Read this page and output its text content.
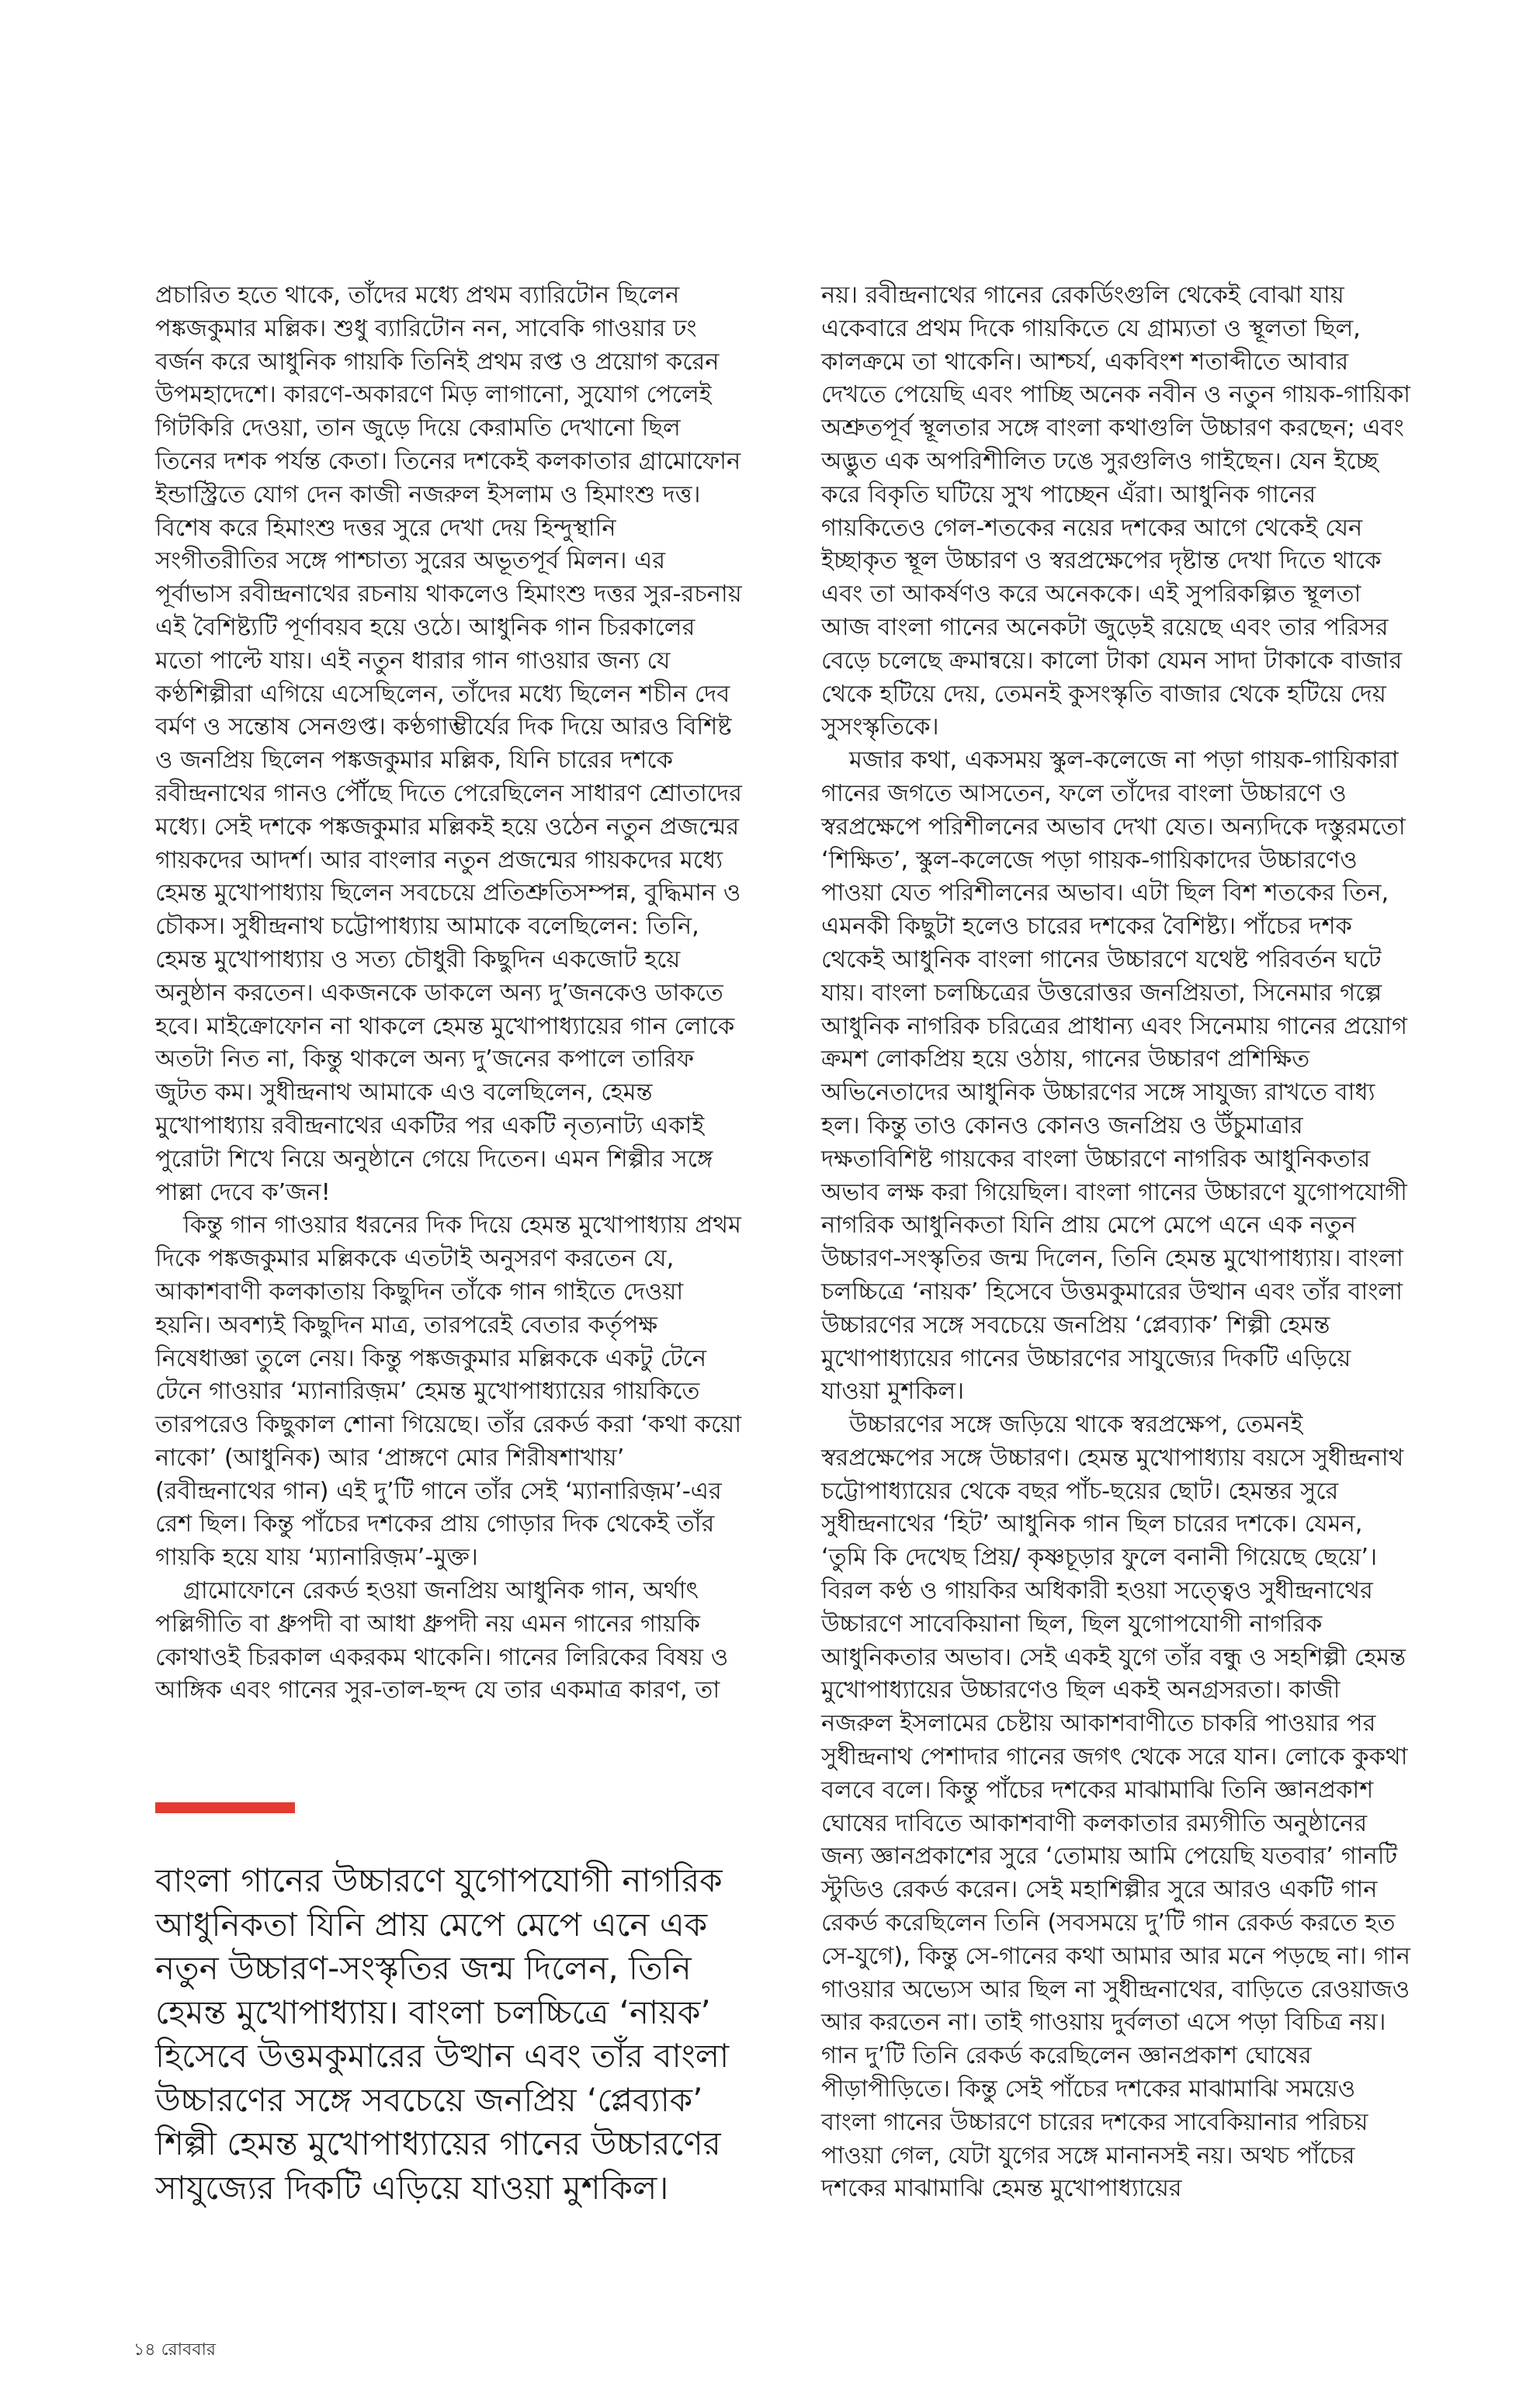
প্রচারিত হতে থাকে, তাঁদের মধ্যে প্রথম ব্যারিটোন ছিলেন পঙ্কজকুমার মল্লিক। শুধু ব্যারিটোন নন, সাবেকি গাওয়ার ঢং বর্জন করে আধুনিক গায়কি তিনিই প্রথম রপ্ত ও প্রয়োগ করেন উপমহাদেশে। কারণে-অকারণে মিড় লাগানো, সুযোগ পেলেই গিটকিরি দেওয়া, তান জুড়ে দিয়ে কেরামতি দেখানো ছিল তিনের দশক পর্যন্ত কেতা। তিনের দশকেই কলকাতার গ্রামোফোন ইন্ডাস্ট্রিতে যোগ দেন কাজী নজরুল ইসলাম ও হিমাংশু দত্ত। বিশেষ করে হিমাংশু দত্তর সুরে দেখা দেয় হিন্দুস্থানি সংগীতরীতির সঙ্গে পাশ্চাত্য সুরের অভূতপূর্ব মিলন। এর পূর্বাভাস রবীন্দ্রনাথের রচনায় থাকলেও হিমাংশু দত্তর সুর-রচনায় এই বৈশিষ্ট্যটি পূর্ণাবয়ব হয়ে ওঠে। আধুনিক গান চিরকালের মতো পাল্টে যায়। এই নতুন ধারার গান গাওয়ার জন্য যে কণ্ঠশিল্পীরা এগিয়ে এসেছিলেন, তাঁদের মধ্যে ছিলেন শচীন দেব বর্মণ ও সন্তোষ সেনগুপ্ত। কণ্ঠগাম্ভীর্যের দিক দিয়ে আরও বিশিষ্ট ও জনপ্রিয় ছিলেন পঙ্কজকুমার মল্লিক, যিনি চারের দশকে রবীন্দ্রনাথের গানও পৌঁছে দিতে পেরেছিলেন সাধারণ শ্রোতাদের মধ্যে। সেই দশকে পঙ্কজকুমার মল্লিকই হয়ে ওঠেন নতুন প্রজন্মের গায়কদের আদর্শ। আর বাংলার নতুন প্রজন্মের গায়কদের মধ্যে হেমন্ত মুখোপাধ্যায় ছিলেন সবচেয়ে প্রতিশ্রুতিসম্পন্ন, বুদ্ধিমান ও চৌকস। সুধীন্দ্রনাথ চট্টোপাধ্যায় আমাকে বলেছিলেন: তিনি, হেমন্ত মুখোপাধ্যায় ও সত্য চৌধুরী কিছুদিন একজোট হয়ে অনুষ্ঠান করতেন। একজনকে ডাকলে অন্য দু’জনকেও ডাকতে হবে। মাইক্রোফোন না থাকলে হেমন্ত মুখোপাধ্যায়ের গান লোকে অতটা নিত না, কিন্তু থাকলে অন্য দু’জনের কপালে তারিফ জুটত কম। সুধীন্দ্রনাথ আমাকে এও বলেছিলেন, হেমন্ত মুখোপাধ্যায় রবীন্দ্রনাথের একটির পর একটি নৃত্যনাট্য একাই পুরোটা শিখে নিয়ে অনুষ্ঠানে গেয়ে দিতেন। এমন শিল্পীর সঙ্গে পাল্লা দেবে ক’জন!

কিন্তু গান গাওয়ার ধরনের দিক দিয়ে হেমন্ত মুখোপাধ্যায় প্রথম দিকে পঙ্কজকুমার মল্লিককে এতটাই অনুসরণ করতেন যে, আকাশবাণী কলকাতায় কিছুদিন তাঁকে গান গাইতে দেওয়া হয়নি। অবশ্যই কিছুদিন মাত্র, তারপরেই বেতার কর্তৃপক্ষ নিষেধাজ্ঞা তুলে নেয়। কিন্তু পঙ্কজকুমার মল্লিককে একটু টেনে টেনে গাওয়ার ‘ম্যানারিজ়ম’ হেমন্ত মুখোপাধ্যায়ের গায়কিতে তারপরেও কিছুকাল শোনা গিয়েছে। তাঁর রেকর্ড করা ‘কথা কয়ো নাকো’ (আধুনিক) আর ‘প্রাঙ্গণে মোর শিরীষশাখায়’ (রবীন্দ্রনাথের গান) এই দু’টি গানে তাঁর সেই ‘ম্যানারিজ়ম’-এর রেশ ছিল। কিন্তু পাঁচের দশকের প্রায় গোড়ার দিক থেকেই তাঁর গায়কি হয়ে যায় ‘ম্যানারিজ়ম’-মুক্ত।

গ্রামোফোনে রেকর্ড হওয়া জনপ্রিয় আধুনিক গান, অর্থাৎ পল্লিগীতি বা ধ্রুপদী বা আধা ধ্রুপদী নয় এমন গানের গায়কি কোথাওই চিরকাল একরকম থাকেনি। গানের লিরিকের বিষয় ও আঙ্গিক এবং গানের সুর-তাল-ছন্দ যে তার একমাত্র কারণ, তা

বাংলা গানের উচ্চারণে যুগোপযোগী নাগরিক আধুনিকতা যিনি প্রায় মেপে মেপে এনে এক নতুন উচ্চারণ-সংস্কৃতির জন্ম দিলেন, তিনি হেমন্ত মুখোপাধ্যায়। বাংলা চলচ্চিত্রে ‘নায়ক’ হিসেবে উত্তমকুমারের উত্থান এবং তাঁর বাংলা উচ্চারণের সঙ্গে সবচেয়ে জনপ্রিয় ‘প্লেব্যাক’ শিল্পী হেমন্ত মুখোপাধ্যায়ের গানের উচ্চারণের সাযুজ্যের দিকটি এড়িয়ে যাওয়া মুশকিল।

নয়। রবীন্দ্রনাথের গানের রেকর্ডিংগুলি থেকেই বোঝা যায় একেবারে প্রথম দিকে গায়কিতে যে গ্রাম্যতা ও স্থূলতা ছিল, কালক্রমে তা থাকেনি। আশ্চর্য, একবিংশ শতাব্দীতে আবার দেখতে পেয়েছি এবং পাচ্ছি অনেক নবীন ও নতুন গায়ক-গায়িকা অশ্রুতপূর্ব স্থূলতার সঙ্গে বাংলা কথাগুলি উচ্চারণ করছেন; এবং অদ্ভুত এক অপরিশীলিত ঢঙে সুরগুলিও গাইছেন। যেন ইচ্ছে করে বিকৃতি ঘটিয়ে সুখ পাচ্ছেন এঁরা। আধুনিক গানের গায়কিতেও গেল-শতকের নয়ের দশকের আগে থেকেই যেন ইচ্ছাকৃত স্থূল উচ্চারণ ও স্বরপ্রক্ষেপের দৃষ্টান্ত দেখা দিতে থাকে এবং তা আকর্ষণও করে অনেককে। এই সুপরিকল্পিত স্থূলতা আজ বাংলা গানের অনেকটা জুড়েই রয়েছে এবং তার পরিসর বেড়ে চলেছে ক্রমান্বয়ে। কালো টাকা যেমন সাদা টাকাকে বাজার থেকে হটিয়ে দেয়, তেমনই কুসংস্কৃতি বাজার থেকে হটিয়ে দেয় সুসংস্কৃতিকে।

মজার কথা, একসময় স্কুল-কলেজে না পড়া গায়ক-গায়িকারা গানের জগতে আসতেন, ফলে তাঁদের বাংলা উচ্চারণে ও স্বরপ্রক্ষেপে পরিশীলনের অভাব দেখা যেত। অন্যদিকে দস্তুরমতো ‘শিক্ষিত’, স্কুল-কলেজে পড়া গায়ক-গায়িকাদের উচ্চারণেও পাওয়া যেত পরিশীলনের অভাব। এটা ছিল বিশ শতকের তিন, এমনকী কিছুটা হলেও চারের দশকের বৈশিষ্ট্য। পাঁচের দশক থেকেই আধুনিক বাংলা গানের উচ্চারণে যথেষ্ট পরিবর্তন ঘটে যায়। বাংলা চলচ্চিত্রের উত্তরোত্তর জনপ্রিয়তা, সিনেমার গল্পে আধুনিক নাগরিক চরিত্রের প্রাধান্য এবং সিনেমায় গানের প্রয়োগ ক্রমশ লোকপ্রিয় হয়ে ওঠায়, গানের উচ্চারণ প্রশিক্ষিত অভিনেতাদের আধুনিক উচ্চারণের সঙ্গে সাযুজ্য রাখতে বাধ্য হল। কিন্তু তাও কোনও কোনও জনপ্রিয় ও উঁচুমাত্রার দক্ষতাবিশিষ্ট গায়কের বাংলা উচ্চারণে নাগরিক আধুনিকতার অভাব লক্ষ করা গিয়েছিল। বাংলা গানের উচ্চারণে যুগোপযোগী নাগরিক আধুনিকতা যিনি প্রায় মেপে মেপে এনে এক নতুন উচ্চারণ-সংস্কৃতির জন্ম দিলেন, তিনি হেমন্ত মুখোপাধ্যায়। বাংলা চলচ্চিত্রে ‘নায়ক’ হিসেবে উত্তমকুমারের উত্থান এবং তাঁর বাংলা উচ্চারণের সঙ্গে সবচেয়ে জনপ্রিয় ‘প্লেব্যাক’ শিল্পী হেমন্ত মুখোপাধ্যায়ের গানের উচ্চারণের সাযুজ্যের দিকটি এড়িয়ে যাওয়া মুশকিল।

উচ্চারণের সঙ্গে জড়িয়ে থাকে স্বরপ্রক্ষেপ, তেমনই স্বরপ্রক্ষেপের সঙ্গে উচ্চারণ। হেমন্ত মুখোপাধ্যায় বয়সে সুধীন্দ্রনাথ চট্টোপাধ্যায়ের থেকে বছর পাঁচ-ছয়ের ছোট। হেমন্তর সুরে সুধীন্দ্রনাথের ‘হিট’ আধুনিক গান ছিল চারের দশকে। যেমন, ‘তুমি কি দেখেছ প্রিয়/ কৃষ্ণচূড়ার ফুলে বনানী গিয়েছে ছেয়ে’। বিরল কণ্ঠ ও গায়কির অধিকারী হওয়া সত্ত্বেও সুধীন্দ্রনাথের উচ্চারণে সাবেকিয়ানা ছিল, ছিল যুগোপযোগী নাগরিক আধুনিকতার অভাব। সেই একই যুগে তাঁর বন্ধু ও সহশিল্পী হেমন্ত মুখোপাধ্যায়ের উচ্চারণেও ছিল একই অনগ্রসরতা। কাজী নজরুল ইসলামের চেষ্টায় আকাশবাণীতে চাকরি পাওয়ার পর সুধীন্দ্রনাথ পেশাদার গানের জগৎ থেকে সরে যান। লোকে কুকথা বলবে বলে। কিন্তু পাঁচের দশকের মাঝামাঝি তিনি জ্ঞানপ্রকাশ ঘোষের দাবিতে আকাশবাণী কলকাতার রম্যগীতি অনুষ্ঠানের জন্য জ্ঞানপ্রকাশের সুরে ‘তোমায় আমি পেয়েছি যতবার’ গানটি স্টুডিও রেকর্ড করেন। সেই মহাশিল্পীর সুরে আরও একটি গান রেকর্ড করেছিলেন তিনি (সবসময়ে দু’টি গান রেকর্ড করতে হত সে-যুগে), কিন্তু সে-গানের কথা আমার আর মনে পড়ছে না। গান গাওয়ার অভ্যেস আর ছিল না সুধীন্দ্রনাথের, বাড়িতে রেওয়াজও আর করতেন না। তাই গাওয়ায় দুর্বলতা এসে পড়া বিচিত্র নয়। গান দু’টি তিনি রেকর্ড করেছিলেন জ্ঞানপ্রকাশ ঘোষের পীড়াপীড়িতে। কিন্তু সেই পাঁচের দশকের মাঝামাঝি সময়েও বাংলা গানের উচ্চারণে চারের দশকের সাবেকিয়ানার পরিচয় পাওয়া গেল, যেটা যুগের সঙ্গে মানানসই নয়। অথচ পাঁচের দশকের মাঝামাঝি হেমন্ত মুখোপাধ্যায়ের

১৪ রোববার
